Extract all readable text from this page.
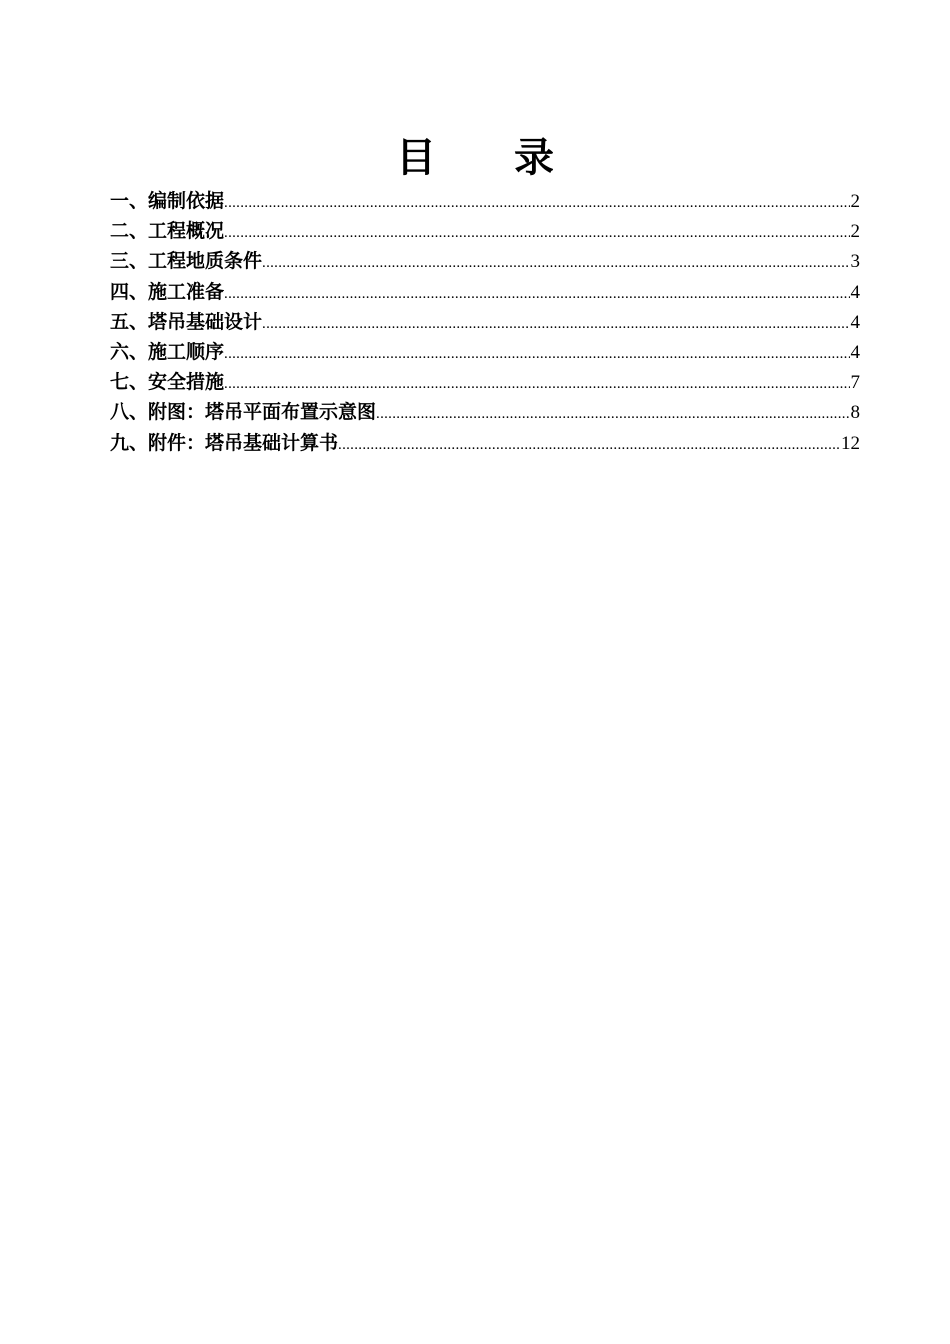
目 录
一、编制依据 .....	2
二、工程概况 .....	2
三、工程地质条件 .....	3
四、施工准备 .....	4
五、塔吊基础设计 .....	4
六、施工顺序 .....	4
七、安全措施 .....	7
八、附图：塔吊平面布置示意图 .....	8
九、附件：塔吊基础计算书 .....	12
